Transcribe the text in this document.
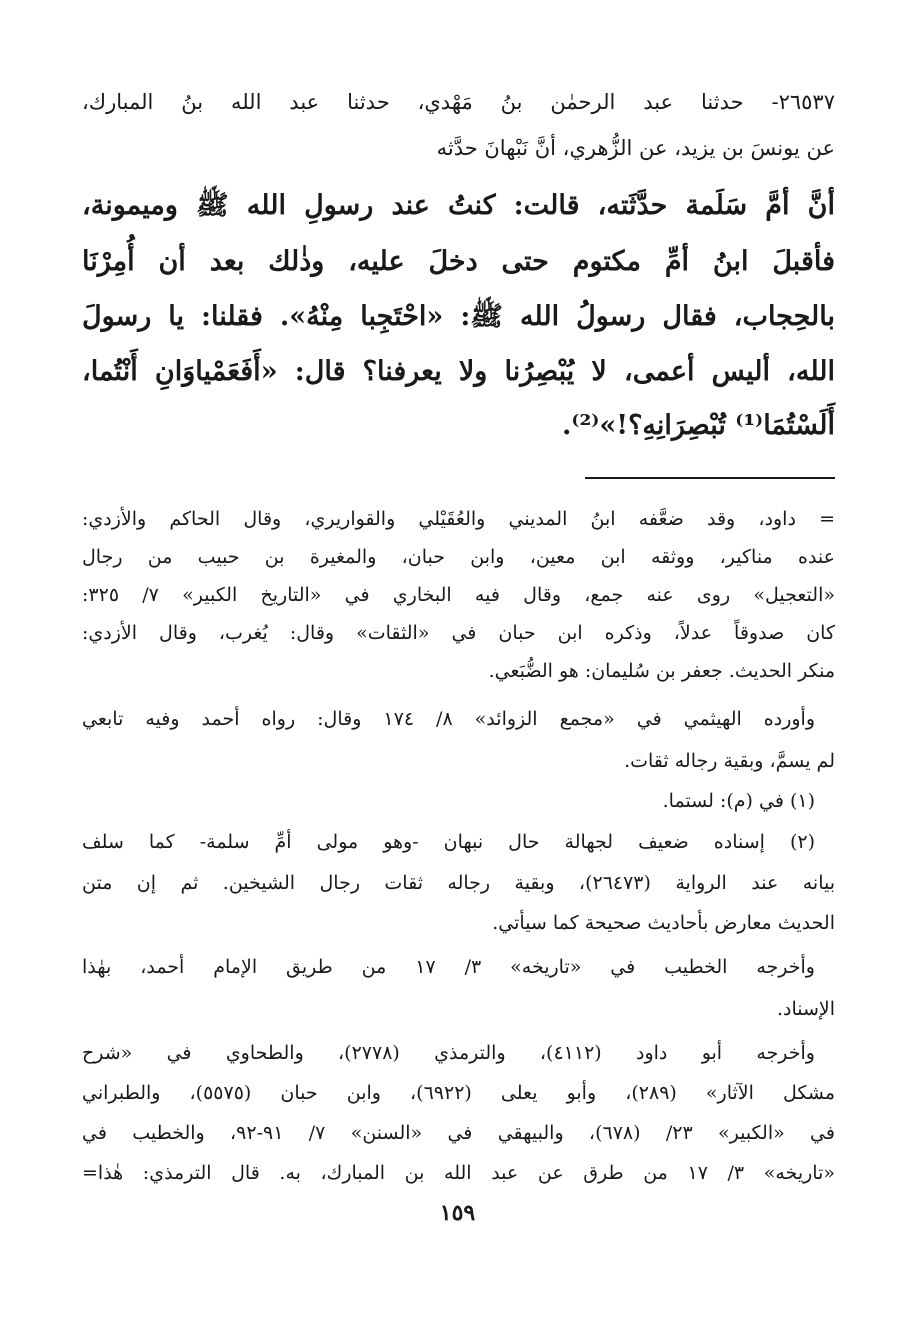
٢٦٥٣٧- حدثنا عبد الرحمٰن بنُ مَهْدي، حدثنا عبد الله بنُ المبارك،
عن يونسَ بن يزيد، عن الزُّهري، أنَّ نَبْهانَ حدَّثه
أنَّ أمَّ سَلَمة حدَّثَته، قالت: كنتُ عند رسولِ الله ﷺ وميمونة،
فأقبلَ ابنُ أمِّ مكتوم حتى دخلَ عليه، وذٰلك بعد أن أُمِرْنَا
بالحِجاب، فقال رسولُ الله ﷺ: «احْتَجِبا مِنْهُ». فقلنا: يا رسولَ
الله، أليس أعمى، لا يُبْصِرُنا ولا يعرفنا؟ قال: «أَفَعَمْياوَانِ أَنْتُما،
أَلَسْتُمَا⁽¹⁾ تُبْصِرَانِهِ؟!»⁽²⁾.
= داود، وقد ضعَّفه ابنُ المديني والعُقَيْلي والقواريري، وقال الحاكم والأزدي:
عنده مناكير، ووثقه ابن معين، وابن حبان، والمغيرة بن حبيب من رجال
«التعجيل» روى عنه جمع، وقال فيه البخاري في «التاريخ الكبير» ٧/ ٣٢٥:
كان صدوقاً عدلاً، وذكره ابن حبان في «الثقات» وقال: يُغرب، وقال الأزدي:
منكر الحديث. جعفر بن سُليمان: هو الضُّبَعي.
وأورده الهيثمي في «مجمع الزوائد» ٨/ ١٧٤ وقال: رواه أحمد وفيه تابعي
لم يسمَّ، وبقية رجاله ثقات.
(١) في (م): لستما.
(٢) إسناده ضعيف لجهالة حال نبهان -وهو مولى أمِّ سلمة- كما سلف
بيانه عند الرواية (٢٦٤٧٣)، وبقية رجاله ثقات رجال الشيخين. ثم إن متن
الحديث معارض بأحاديث صحيحة كما سيأتي.
وأخرجه الخطيب في «تاريخه» ٣/ ١٧ من طريق الإمام أحمد، بهٰذا
الإسناد.
وأخرجه أبو داود (٤١١٢)، والترمذي (٢٧٧٨)، والطحاوي في «شرح
مشكل الآثار» (٢٨٩)، وأبو يعلى (٦٩٢٢)، وابن حبان (٥٥٧٥)، والطبراني
في «الكبير» ٢٣/ (٦٧٨)، والبيهقي في «السنن» ٧/ ٩١-٩٢، والخطيب في
«تاريخه» ٣/ ١٧ من طرق عن عبد الله بن المبارك، به. قال الترمذي: هٰذا=
١٥٩
